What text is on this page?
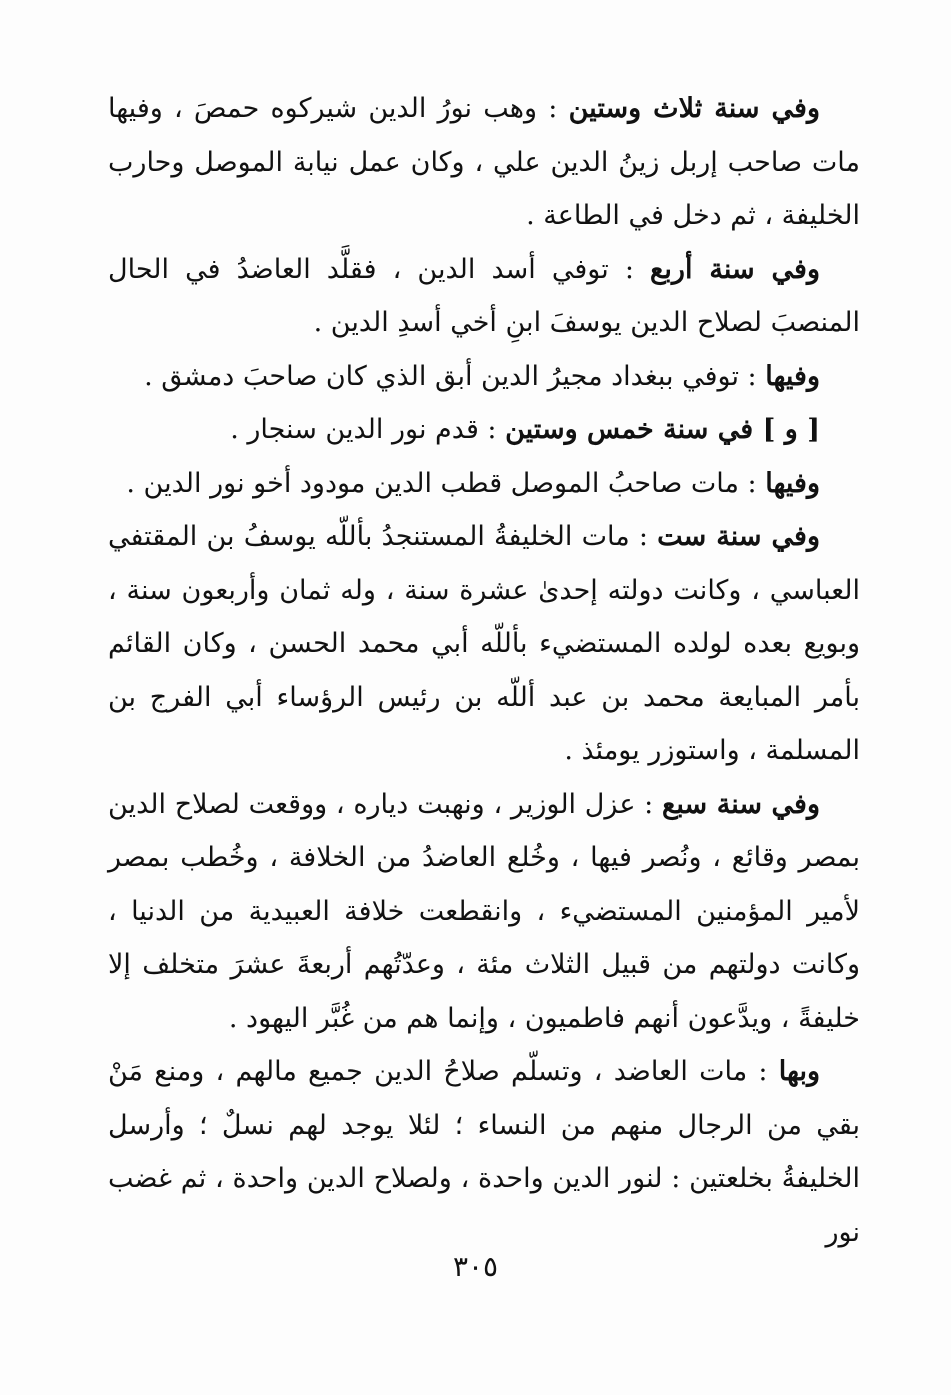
وفي سنة ثلاث وستين : وهب نورُ الدين شيركوه حمصَ ، وفيها مات صاحب إربل زينُ الدين علي ، وكان عمل نيابة الموصل وحارب الخليفة ، ثم دخل في الطاعة .

وفي سنة أربع : توفي أسد الدين ، فقلَّد العاضدُ في الحال المنصبَ لصلاح الدين يوسفَ ابنِ أخي أسدِ الدين .

وفيها : توفي ببغداد مجيرُ الدين أبق الذي كان صاحبَ دمشق .

[ و ] في سنة خمس وستين : قدم نور الدين سنجار .

وفيها : مات صاحبُ الموصل قطب الدين مودود أخو نور الدين .

وفي سنة ست : مات الخليفةُ المستنجدُ بأللّه يوسفُ بن المقتفي العباسي ، وكانت دولته إحدىٰ عشرة سنة ، وله ثمان وأربعون سنة ، وبويع بعده لولده المستضيء بأللّه أبي محمد الحسن ، وكان القائم بأمر المبايعة محمد بن عبد أللّه بن رئيس الرؤساء أبي الفرج بن المسلمة ، واستوزر يومئذ .

وفي سنة سبع : عزل الوزير ، ونهبت دياره ، ووقعت لصلاح الدين بمصر وقائع ، ونُصر فيها ، وخُلع العاضدُ من الخلافة ، وخُطب بمصر لأمير المؤمنين المستضيء ، وانقطعت خلافة العبيدية من الدنيا ، وكانت دولتهم من قبيل الثلاث مئة ، وعدّتُهم أربعةَ عشرَ متخلف إلا خليفةً ، ويدَّعون أنهم فاطميون ، وإنما هم من غُبَّر اليهود .

وبها : مات العاضد ، وتسلّم صلاحُ الدين جميع مالهم ، ومنع مَنْ بقي من الرجال منهم من النساء ؛ لئلا يوجد لهم نسلٌ ؛ وأرسل الخليفةُ بخلعتين : لنور الدين واحدة ، ولصلاح الدين واحدة ، ثم غضب نور

٣٠٥
